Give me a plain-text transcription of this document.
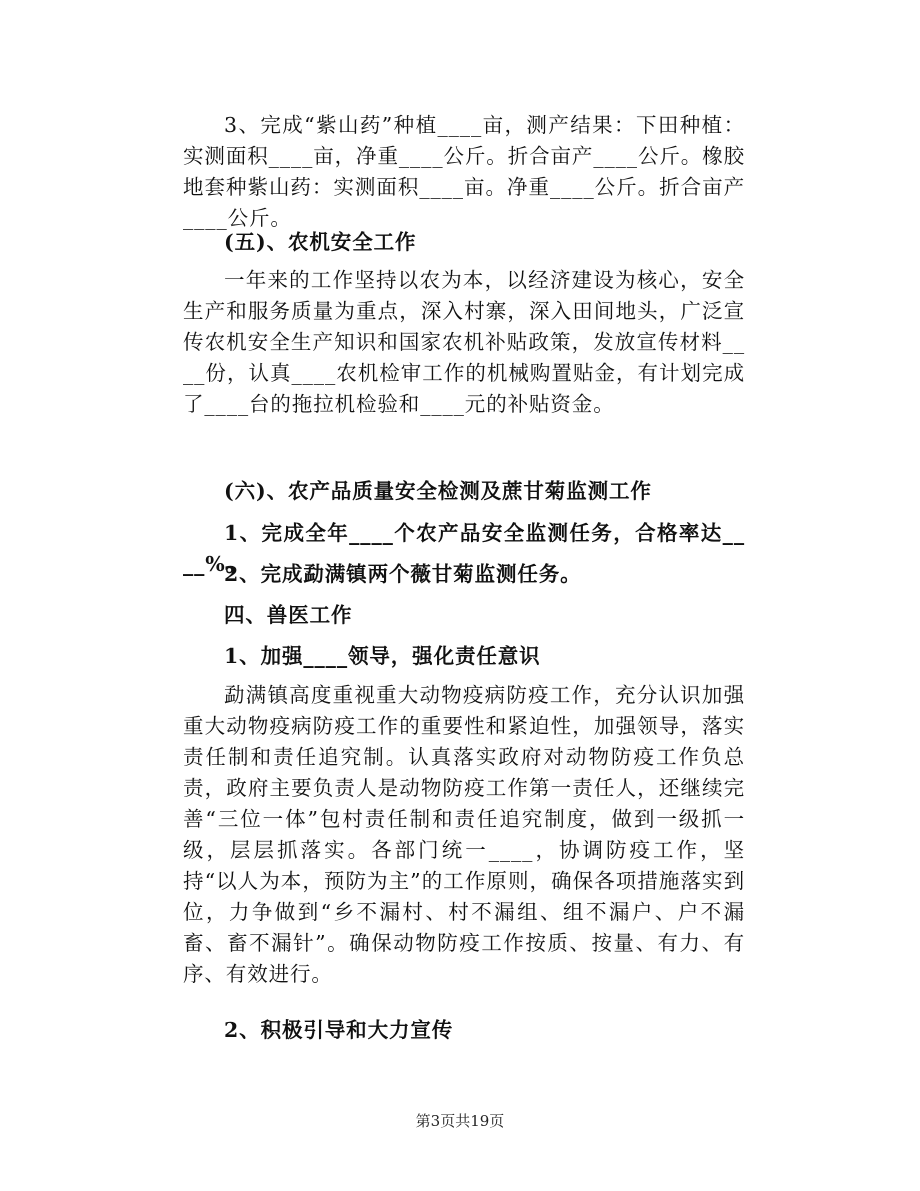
3、完成“紫山药”种植____亩，测产结果：下田种植：实测面积____亩，净重____公斤。折合亩产____公斤。橡胶地套种紫山药：实测面积____亩。净重____公斤。折合亩产____公斤。

(五)、农机安全工作

一年来的工作坚持以农为本，以经济建设为核心，安全生产和服务质量为重点，深入村寨，深入田间地头，广泛宣传农机安全生产知识和国家农机补贴政策，发放宣传材料____份，认真____农机检审工作的机械购置贴金，有计划完成了____台的拖拉机检验和____元的补贴资金。

(六)、农产品质量安全检测及蔗甘菊监测工作

1、完成全年____个农产品安全监测任务，合格率达____%。

2、完成勐满镇两个薇甘菊监测任务。

四、兽医工作

1、加强____领导，强化责任意识

勐满镇高度重视重大动物疫病防疫工作，充分认识加强重大动物疫病防疫工作的重要性和紧迫性，加强领导，落实责任制和责任追究制。认真落实政府对动物防疫工作负总责，政府主要负责人是动物防疫工作第一责任人，还继续完善“三位一体”包村责任制和责任追究制度，做到一级抓一级，层层抓落实。各部门统一____，协调防疫工作，坚持“以人为本，预防为主”的工作原则，确保各项措施落实到位，力争做到“乡不漏村、村不漏组、组不漏户、户不漏畜、畜不漏针”。确保动物防疫工作按质、按量、有力、有序、有效进行。

2、积极引导和大力宣传

第3页共19页
